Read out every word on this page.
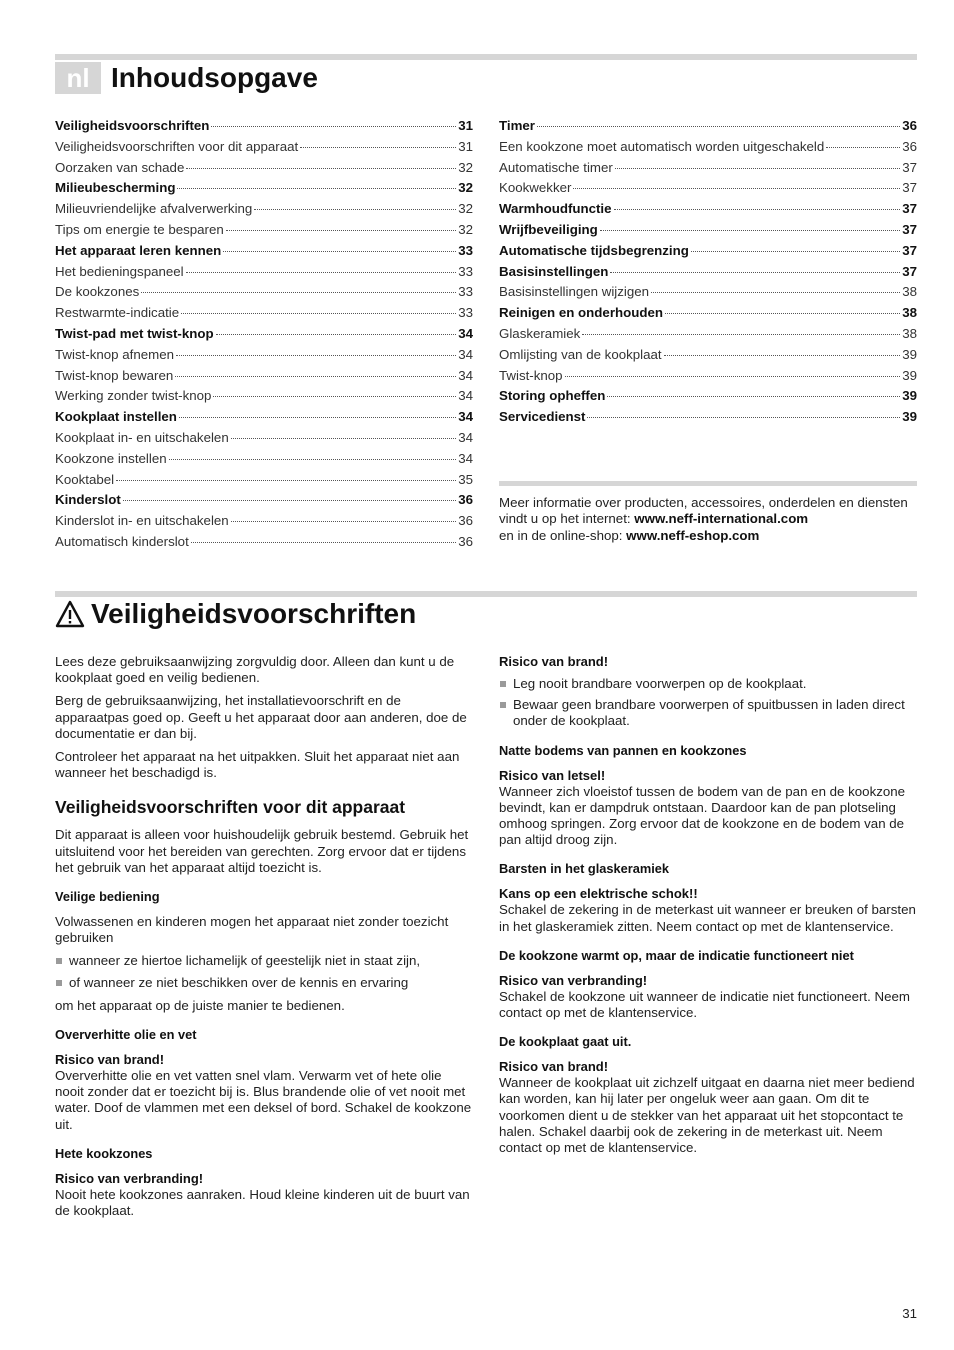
nl Inhoudsopgave
Veiligheidsvoorschriften	31
Veiligheidsvoorschriften voor dit apparaat	31
Oorzaken van schade	32
Milieubescherming	32
Milieuvriendelijke afvalverwerking	32
Tips om energie te besparen	32
Het apparaat leren kennen	33
Het bedieningspaneel	33
De kookzones	33
Restwarmte-indicatie	33
Twist-pad met twist-knop	34
Twist-knop afnemen	34
Twist-knop bewaren	34
Werking zonder twist-knop	34
Kookplaat instellen	34
Kookplaat in- en uitschakelen	34
Kookzone instellen	34
Kooktabel	35
Kinderslot	36
Kinderslot in- en uitschakelen	36
Automatisch kinderslot	36
Timer	36
Een kookzone moet automatisch worden uitgeschakeld	36
Automatische timer	37
Kookwekker	37
Warmhoudfunctie	37
Wrijfbeveiliging	37
Automatische tijdsbegrenzing	37
Basisinstellingen	37
Basisinstellingen wijzigen	38
Reinigen en onderhouden	38
Glaskeramiek	38
Omlijsting van de kookplaat	39
Twist-knop	39
Storing opheffen	39
Servicedienst	39
Meer informatie over producten, accessoires, onderdelen en diensten vindt u op het internet: www.neff-international.com
en in de online-shop: www.neff-eshop.com
Veiligheidsvoorschriften

Lees deze gebruiksaanwijzing zorgvuldig door. Alleen dan kunt u de kookplaat goed en veilig bedienen.

Berg de gebruiksaanwijzing, het installatievoorschrift en de apparaatpas goed op. Geeft u het apparaat door aan anderen, doe de documentatie er dan bij.

Controleer het apparaat na het uitpakken. Sluit het apparaat niet aan wanneer het beschadigd is.

Veiligheidsvoorschriften voor dit apparaat

Dit apparaat is alleen voor huishoudelijk gebruik bestemd. Gebruik het uitsluitend voor het bereiden van gerechten. Zorg ervoor dat er tijdens het gebruik van het apparaat altijd toezicht is.

Veilige bediening

Volwassenen en kinderen mogen het apparaat niet zonder toezicht gebruiken

wanneer ze hiertoe lichamelijk of geestelijk niet in staat zijn,
of wanneer ze niet beschikken over de kennis en ervaring

om het apparaat op de juiste manier te bedienen.

Oververhitte olie en vet
Risico van brand!

Oververhitte olie en vet vatten snel vlam. Verwarm vet of hete olie nooit zonder dat er toezicht bij is. Blus brandende olie of vet nooit met water. Doof de vlammen met een deksel of bord. Schakel de kookzone uit.

Hete kookzones
Risico van verbranding!

Nooit hete kookzones aanraken. Houd kleine kinderen uit de buurt van de kookplaat.

Risico van brand!
Leg nooit brandbare voorwerpen op de kookplaat.
Bewaar geen brandbare voorwerpen of spuitbussen in laden direct onder de kookplaat.
Natte bodems van pannen en kookzones
Risico van letsel!

Wanneer zich vloeistof tussen de bodem van de pan en de kookzone bevindt, kan er dampdruk ontstaan. Daardoor kan de pan plotseling omhoog springen. Zorg ervoor dat de kookzone en de bodem van de pan altijd droog zijn.

Barsten in het glaskeramiek
Kans op een elektrische schok!!

Schakel de zekering in de meterkast uit wanneer er breuken of barsten in het glaskeramiek zitten. Neem contact op met de klantenservice.

De kookzone warmt op, maar de indicatie functioneert niet
Risico van verbranding!

Schakel de kookzone uit wanneer de indicatie niet functioneert. Neem contact op met de klantenservice.

De kookplaat gaat uit.
Risico van brand!

Wanneer de kookplaat uit zichzelf uitgaat en daarna niet meer bediend kan worden, kan hij later per ongeluk weer aan gaan. Om dit te voorkomen dient u de stekker van het apparaat uit het stopcontact te halen. Schakel daarbij ook de zekering in de meterkast uit. Neem contact op met de klantenservice.

31
